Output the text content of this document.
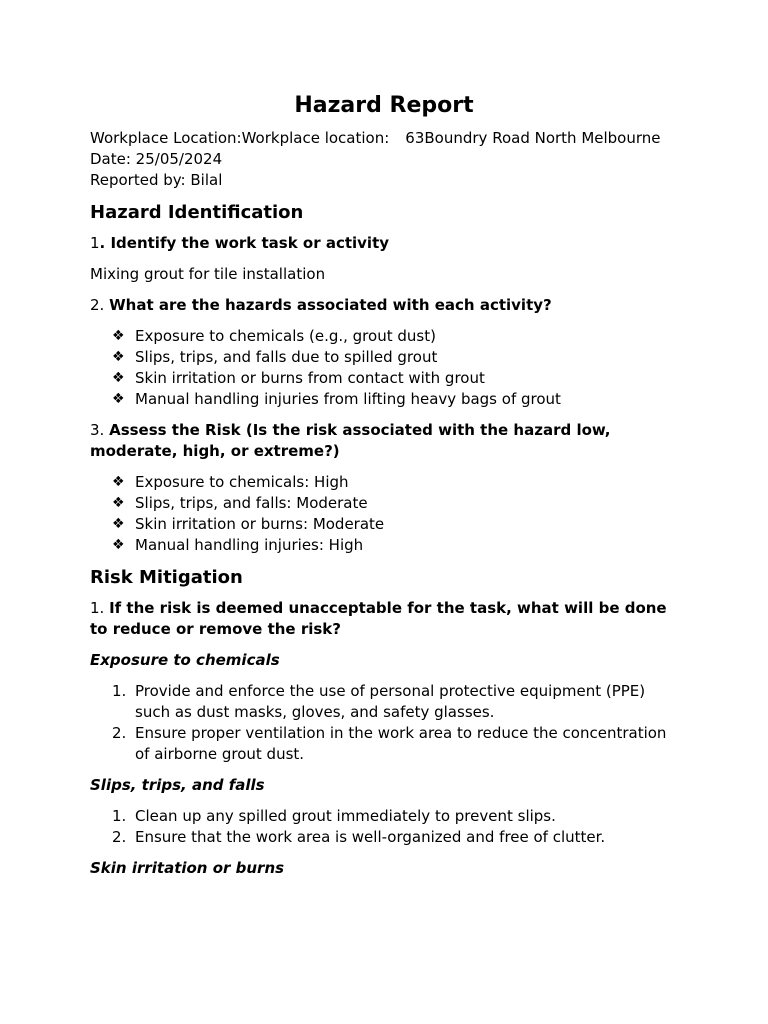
Hazard Report

Workplace Location:Workplace location: 63Boundry Road North Melbourne

Date: 25/05/2024

Reported by: Bilal

Hazard Identification

1. Identify the work task or activity

Mixing grout for tile installation

2. What are the hazards associated with each activity?

❖ Exposure to chemicals (e.g., grout dust)
❖ Slips, trips, and falls due to spilled grout
❖ Skin irritation or burns from contact with grout
❖ Manual handling injuries from lifting heavy bags of grout

3. Assess the Risk (Is the risk associated with the hazard low, moderate, high, or extreme?)

❖ Exposure to chemicals: High
❖ Slips, trips, and falls: Moderate
❖ Skin irritation or burns: Moderate
❖ Manual handling injuries: High
Risk Mitigation

1. If the risk is deemed unacceptable for the task, what will be done to reduce or remove the risk?

Exposure to chemicals

1. Provide and enforce the use of personal protective equipment (PPE) such as dust masks, gloves, and safety glasses.
2. Ensure proper ventilation in the work area to reduce the concentration of airborne grout dust.

Slips, trips, and falls

1. Clean up any spilled grout immediately to prevent slips.
2. Ensure that the work area is well-organized and free of clutter.

Skin irritation or burns
